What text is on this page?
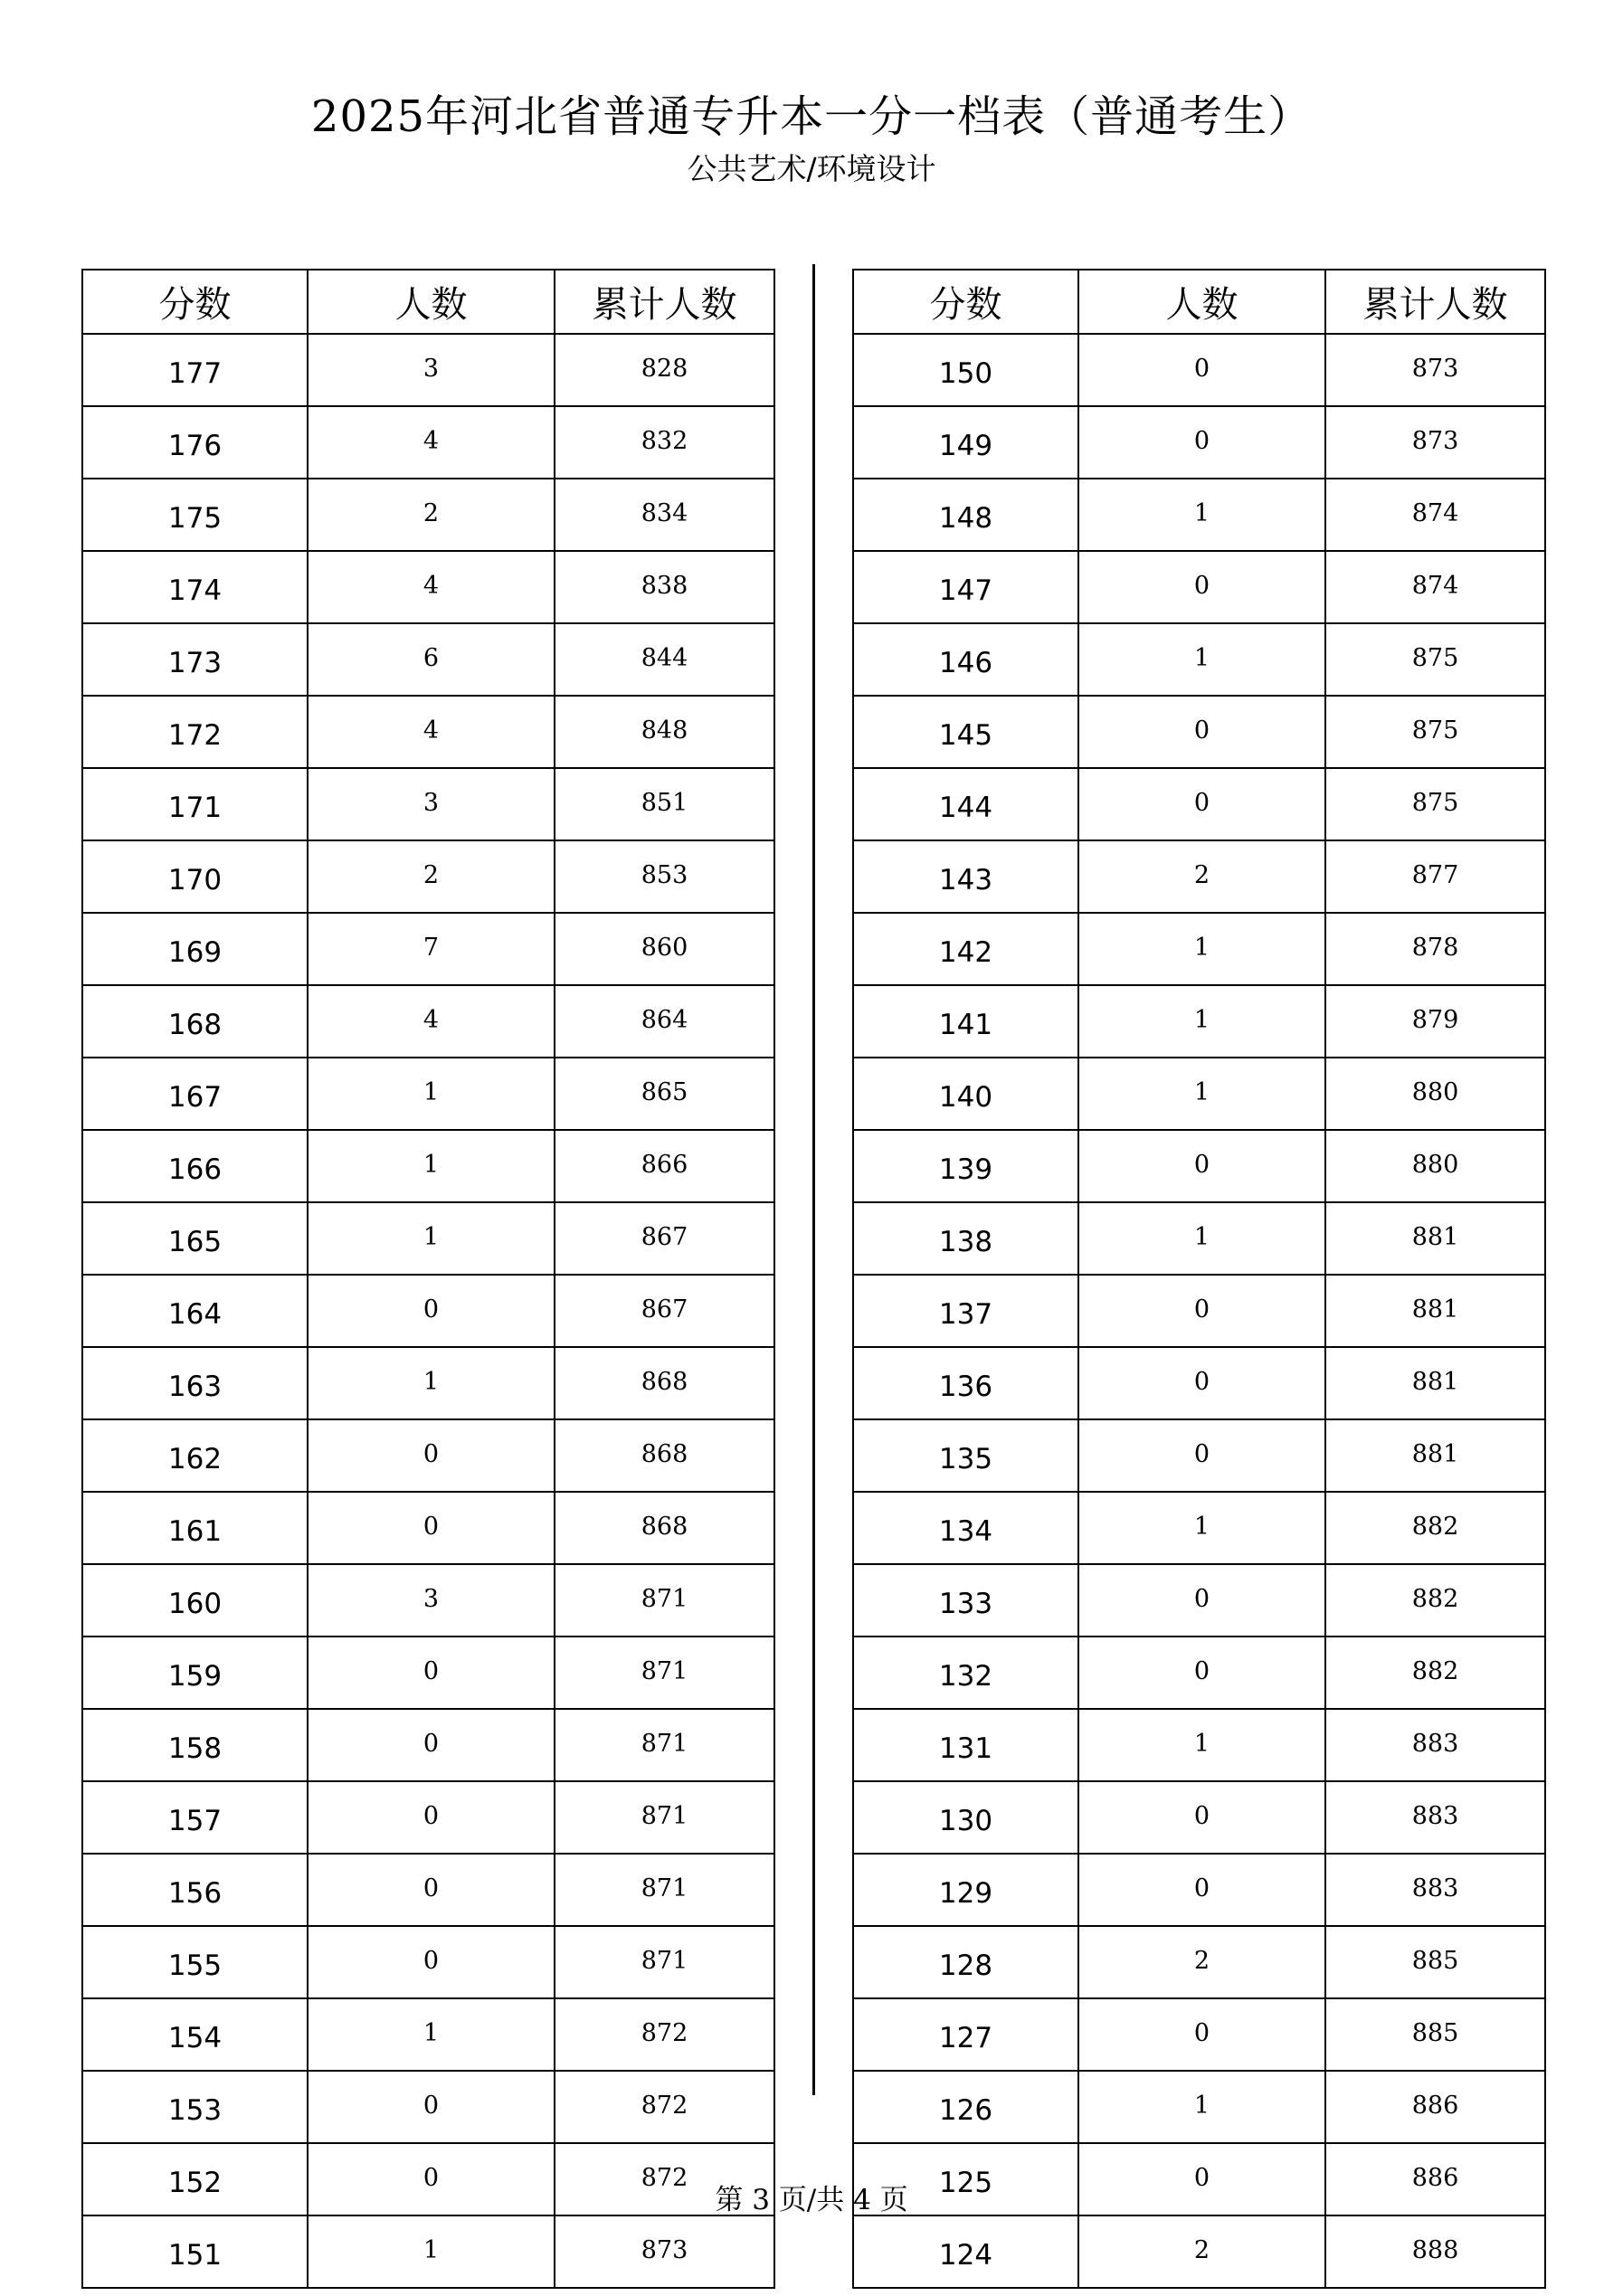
2025年河北省普通专升本一分一档表（普通考生）
公共艺术/环境设计
分数	人数	累计人数
177	3	828
176	4	832
175	2	834
174	4	838
173	6	844
172	4	848
171	3	851
170	2	853
169	7	860
168	4	864
167	1	865
166	1	866
165	1	867
164	0	867
163	1	868
162	0	868
161	0	868
160	3	871
159	0	871
158	0	871
157	0	871
156	0	871
155	0	871
154	1	872
153	0	872
152	0	872
151	1	873
分数	人数	累计人数
150	0	873
149	0	873
148	1	874
147	0	874
146	1	875
145	0	875
144	0	875
143	2	877
142	1	878
141	1	879
140	1	880
139	0	880
138	1	881
137	0	881
136	0	881
135	0	881
134	1	882
133	0	882
132	0	882
131	1	883
130	0	883
129	0	883
128	2	885
127	0	885
126	1	886
125	0	886
124	2	888
第 3 页/共 4 页
